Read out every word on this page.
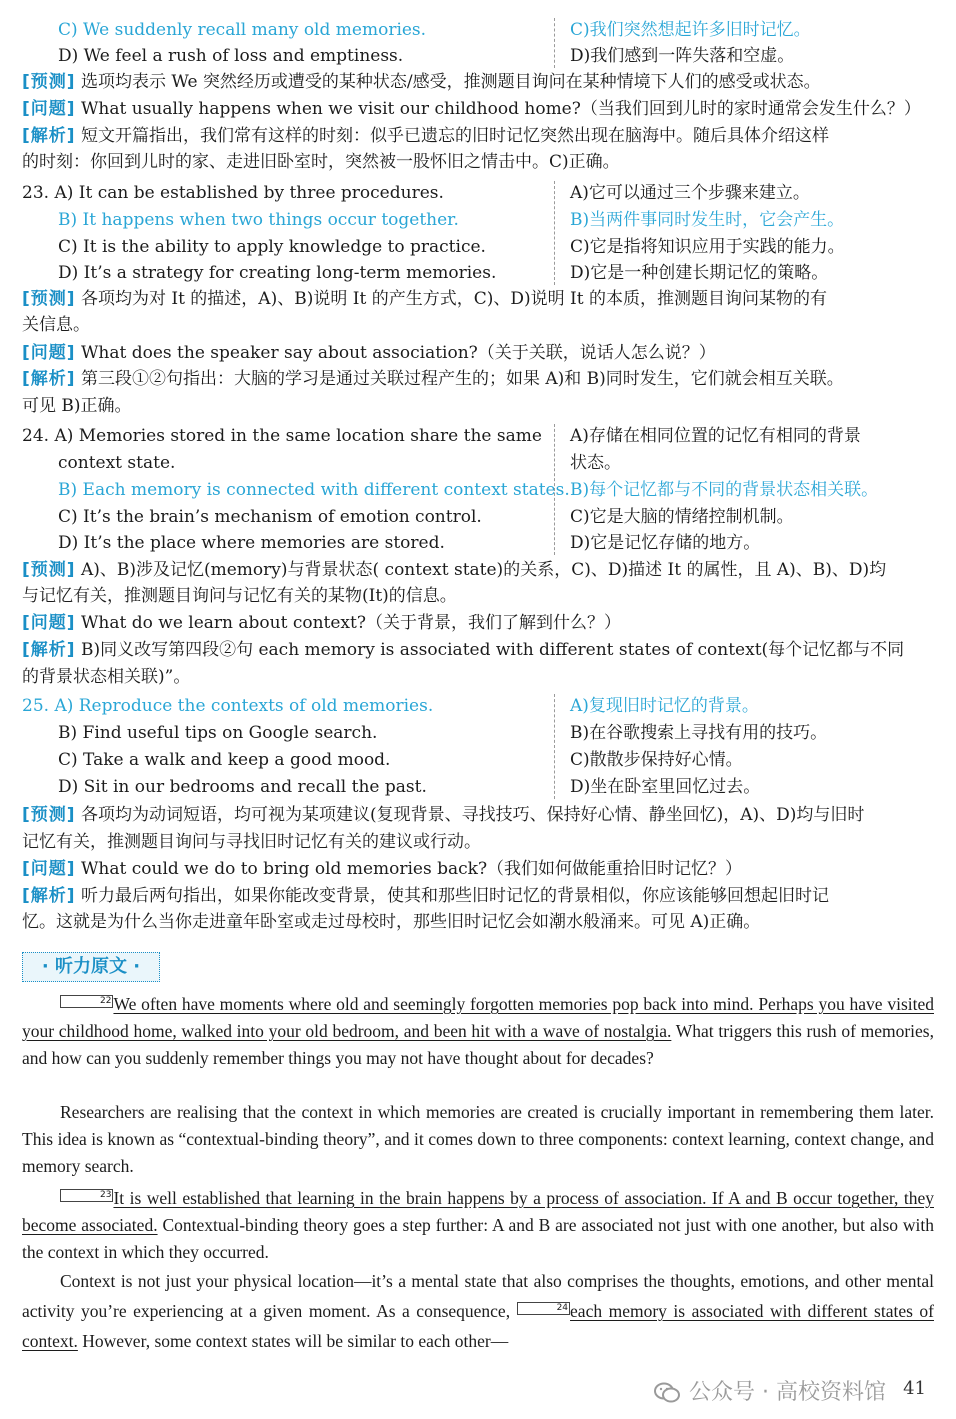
C) We suddenly recall many old memories.	C)我们突然想起许多旧时记忆。
D) We feel a rush of loss and emptiness.	D)我们感到一阵失落和空虚。
[预测] 选项均表示 We 突然经历或遭受的某种状态/感受，推测题目询问在某种情境下人们的感受或状态。
[问题] What usually happens when we visit our childhood home?（当我们回到儿时的家时通常会发生什么？）
[解析] 短文开篇指出，我们常有这样的时刻：似乎已遗忘的旧时记忆突然出现在脑海中。随后具体介绍这样
的时刻：你回到儿时的家、走进旧卧室时，突然被一股怀旧之情击中。C)正确。
23. A) It can be established by three procedures.	A)它可以通过三个步骤来建立。
B) It happens when two things occur together.	B)当两件事同时发生时，它会产生。
C) It is the ability to apply knowledge to practice.	C)它是指将知识应用于实践的能力。
D) It’s a strategy for creating long-term memories.	D)它是一种创建长期记忆的策略。
[预测] 各项均为对 It 的描述，A)、B)说明 It 的产生方式，C)、D)说明 It 的本质，推测题目询问某物的有
关信息。
[问题] What does the speaker say about association?（关于关联，说话人怎么说？）
[解析] 第三段①②句指出：大脑的学习是通过关联过程产生的；如果 A)和 B)同时发生，它们就会相互关联。
可见 B)正确。
24. A) Memories stored in the same location share the same A)存储在相同位置的记忆有相同的背景
context state.	状态。
B) Each memory is connected with different context states. B)每个记忆都与不同的背景状态相关联。
C) It’s the brain’s mechanism of emotion control.	C)它是大脑的情绪控制机制。
D) It’s the place where memories are stored.	D)它是记忆存储的地方。
[预测] A)、B)涉及记忆(memory)与背景状态( context state)的关系，C)、D)描述 It 的属性，且 A)、B)、D)均
与记忆有关，推测题目询问与记忆有关的某物(It)的信息。
[问题] What do we learn about context?（关于背景，我们了解到什么？）
[解析] B)同义改写第四段②句 each memory is associated with different states of context(每个记忆都与不同
的背景状态相关联)”。
25. A) Reproduce the contexts of old memories.	A)复现旧时记忆的背景。
B) Find useful tips on Google search.	B)在谷歌搜索上寻找有用的技巧。
C) Take a walk and keep a good mood.	C)散散步保持好心情。
D) Sit in our bedrooms and recall the past.	D)坐在卧室里回忆过去。
[预测] 各项均为动词短语，均可视为某项建议(复现背景、寻找技巧、保持好心情、静坐回忆)，A)、D)均与旧时
记忆有关，推测题目询问与寻找旧时记忆有关的建议或行动。
[问题] What could we do to bring old memories back?（我们如何做能重拾旧时记忆？）
[解析] 听力最后两句指出，如果你能改变背景，使其和那些旧时记忆的背景相似，你应该能够回想起旧时记
忆。这就是为什么当你走进童年卧室或走过母校时，那些旧时记忆会如潮水般涌来。可见 A)正确。
· 听力原文 ·
22 We often have moments where old and seemingly forgotten memories pop back into mind. Perhaps you have visited your childhood home, walked into your old bedroom, and been hit with a wave of nostalgia. What triggers this rush of memories, and how can you suddenly remember things you may not have thought about for decades?
Researchers are realising that the context in which memories are created is crucially important in remembering them later. This idea is known as “contextual-binding theory”, and it comes down to three components: context learning, context change, and memory search.
23 It is well established that learning in the brain happens by a process of association. If A and B occur together, they become associated. Contextual-binding theory goes a step further: A and B are associated not just with one another, but also with the context in which they occurred.
Context is not just your physical location—it’s a mental state that also comprises the thoughts, emotions, and other mental activity you’re experiencing at a given moment. As a consequence,	24 each memory is associated with different states of context. However, some context states will be similar to each other—
公众号 · 高校资料馆 41
